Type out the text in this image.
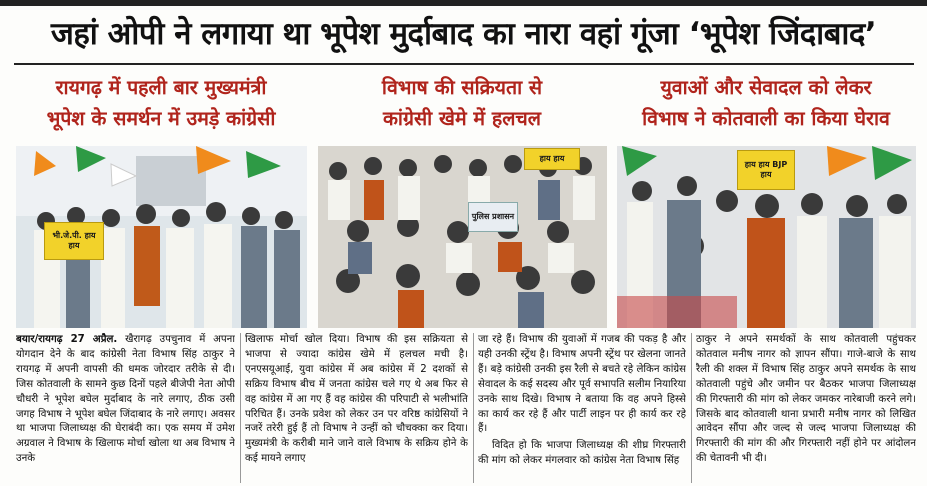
जहां ओपी ने लगाया था भूपेश मुर्दाबाद का नारा वहां गूंजा ‘भूपेश जिंदाबाद’
रायगढ़ में पहली बार मुख्यमंत्री
भूपेश के समर्थन में उमड़े कांग्रेसी
विभाष की सक्रियता से
कांग्रेसी खेमे में हलचल
युवाओं और सेवादल को लेकर
विभाष ने कोतवाली का किया घेराव
भी.जे.पी. हाय हाय
हाय हाय
पुलिस प्रशासन
हाय हाय BJP हाय

बयार/रायगढ़ 27 अप्रैल. खैरागढ़ उपचुनाव में अपना योगदान देने के बाद कांग्रेसी नेता विभाष सिंह ठाकुर ने रायगढ़ में अपनी वापसी की धमक जोरदार तरीके से दी। जिस कोतवाली के सामने कुछ दिनों पहले बीजेपी नेता ओपी चौधरी ने भूपेश बघेल मुर्दाबाद के नारे लगाए, ठीक उसी जगह विभाष ने भूपेश बघेल जिंदाबाद के नारे लगाए। अवसर था भाजपा जिलाध्यक्ष की घेराबंदी का। एक समय में उमेश अग्रवाल ने विभाष के खिलाफ मोर्चा खोला था अब विभाष ने उनके

खिलाफ मोर्चा खोल दिया। विभाष की इस सक्रियता से भाजपा से ज्यादा कांग्रेस खेमे में हलचल मची है। एनएसयूआई, युवा कांग्रेस में अब कांग्रेस में 2 दशकों से सक्रिय विभाष बीच में जनता कांग्रेस चले गए थे अब फिर से वह कांग्रेस में आ गए हैं वह कांग्रेस की परिपाटी से भलीभांति परिचित हैं। उनके प्रवेश को लेकर उन पर वरिष्ठ कांग्रेसियों ने नजरें तरेरी हुई हैं तो विभाष ने उन्हीं को चौचक्का कर दिया। मुख्यमंत्री के करीबी माने जाने वाले विभाष के सक्रिय होने के कई मायने लगाए

जा रहे हैं। विभाष की युवाओं में गजब की पकड़ है और यही उनकी स्ट्रेंथ है। विभाष अपनी स्ट्रेंथ पर खेलना जानते हैं। बड़े कांग्रेसी उनकी इस रैली से बचते रहे लेकिन कांग्रेस सेवादल के कई सदस्य और पूर्व सभापति सलीम नियारिया उनके साथ दिखे। विभाष ने बताया कि वह अपने हिस्से का कार्य कर रहे हैं और पार्टी लाइन पर ही कार्य कर रहे हैं।

विदित हो कि भाजपा जिलाध्यक्ष की शीघ्र गिरफ्तारी की मांग को लेकर मंगलवार को कांग्रेस नेता विभाष सिंह

ठाकुर ने अपने समर्थकों के साथ कोतवाली पहुंचकर कोतवाल मनीष नागर को ज्ञापन सौंपा। गाजे-बाजे के साथ रैली की शक्ल में विभाष सिंह ठाकुर अपने समर्थक के साथ कोतवाली पहुंचे और जमीन पर बैठकर भाजपा जिलाध्यक्ष की गिरफ्तारी की मांग को लेकर जमकर नारेबाजी करने लगे। जिसके बाद कोतवाली थाना प्रभारी मनीष नागर को लिखित आवेदन सौंपा और जल्द से जल्द भाजपा जिलाध्यक्ष की गिरफ्तारी की मांग की और गिरफ्तारी नहीं होने पर आंदोलन की चेतावनी भी दी।
